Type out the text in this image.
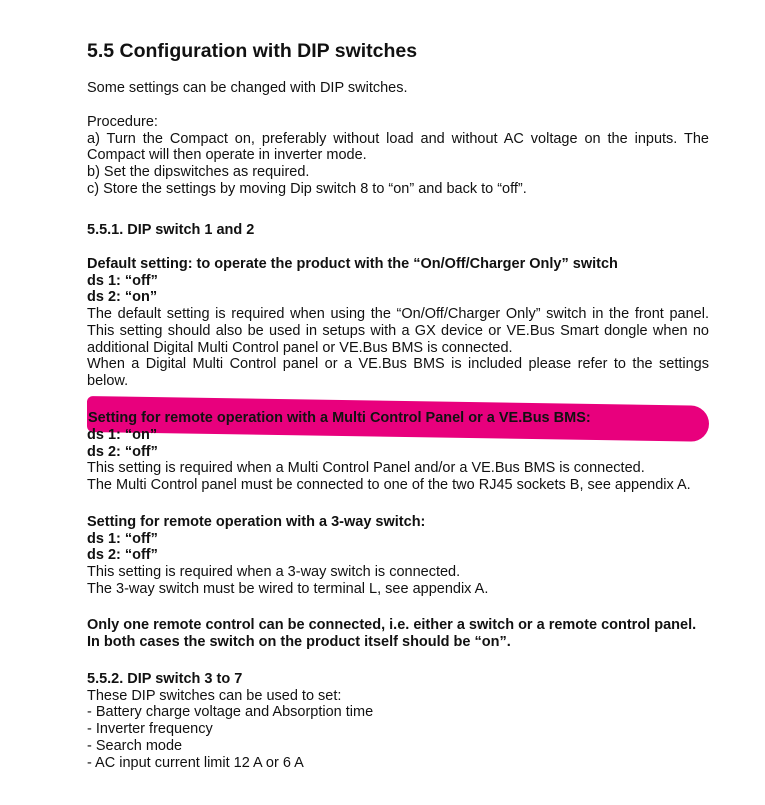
5.5 Configuration with DIP switches

Some settings can be changed with DIP switches.

Procedure:

a) Turn the Compact on, preferably without load and without AC voltage on the inputs. The

Compact will then operate in inverter mode.

b) Set the dipswitches as required.

c) Store the settings by moving Dip switch 8 to “on” and back to “off”.

5.5.1. DIP switch 1 and 2

Default setting: to operate the product with the “On/Off/Charger Only” switch

ds 1: “off”

ds 2: “on”

The default setting is required when using the “On/Off/Charger Only” switch in the front panel.

This setting should also be used in setups with a GX device or VE.Bus Smart dongle when no

additional Digital Multi Control panel or VE.Bus BMS is connected.

When a Digital Multi Control panel or a VE.Bus BMS is included please refer to the settings

below.

Setting for remote operation with a Multi Control Panel or a VE.Bus BMS:

ds 1: “on”

ds 2: “off”

This setting is required when a Multi Control Panel and/or a VE.Bus BMS is connected.

The Multi Control panel must be connected to one of the two RJ45 sockets B, see appendix A.

Setting for remote operation with a 3-way switch:

ds 1: “off”

ds 2: “off”

This setting is required when a 3-way switch is connected.

The 3-way switch must be wired to terminal L, see appendix A.

Only one remote control can be connected, i.e. either a switch or a remote control panel.

In both cases the switch on the product itself should be “on”.

5.5.2. DIP switch 3 to 7

These DIP switches can be used to set:

- Battery charge voltage and Absorption time

- Inverter frequency

- Search mode

- AC input current limit 12 A or 6 A
